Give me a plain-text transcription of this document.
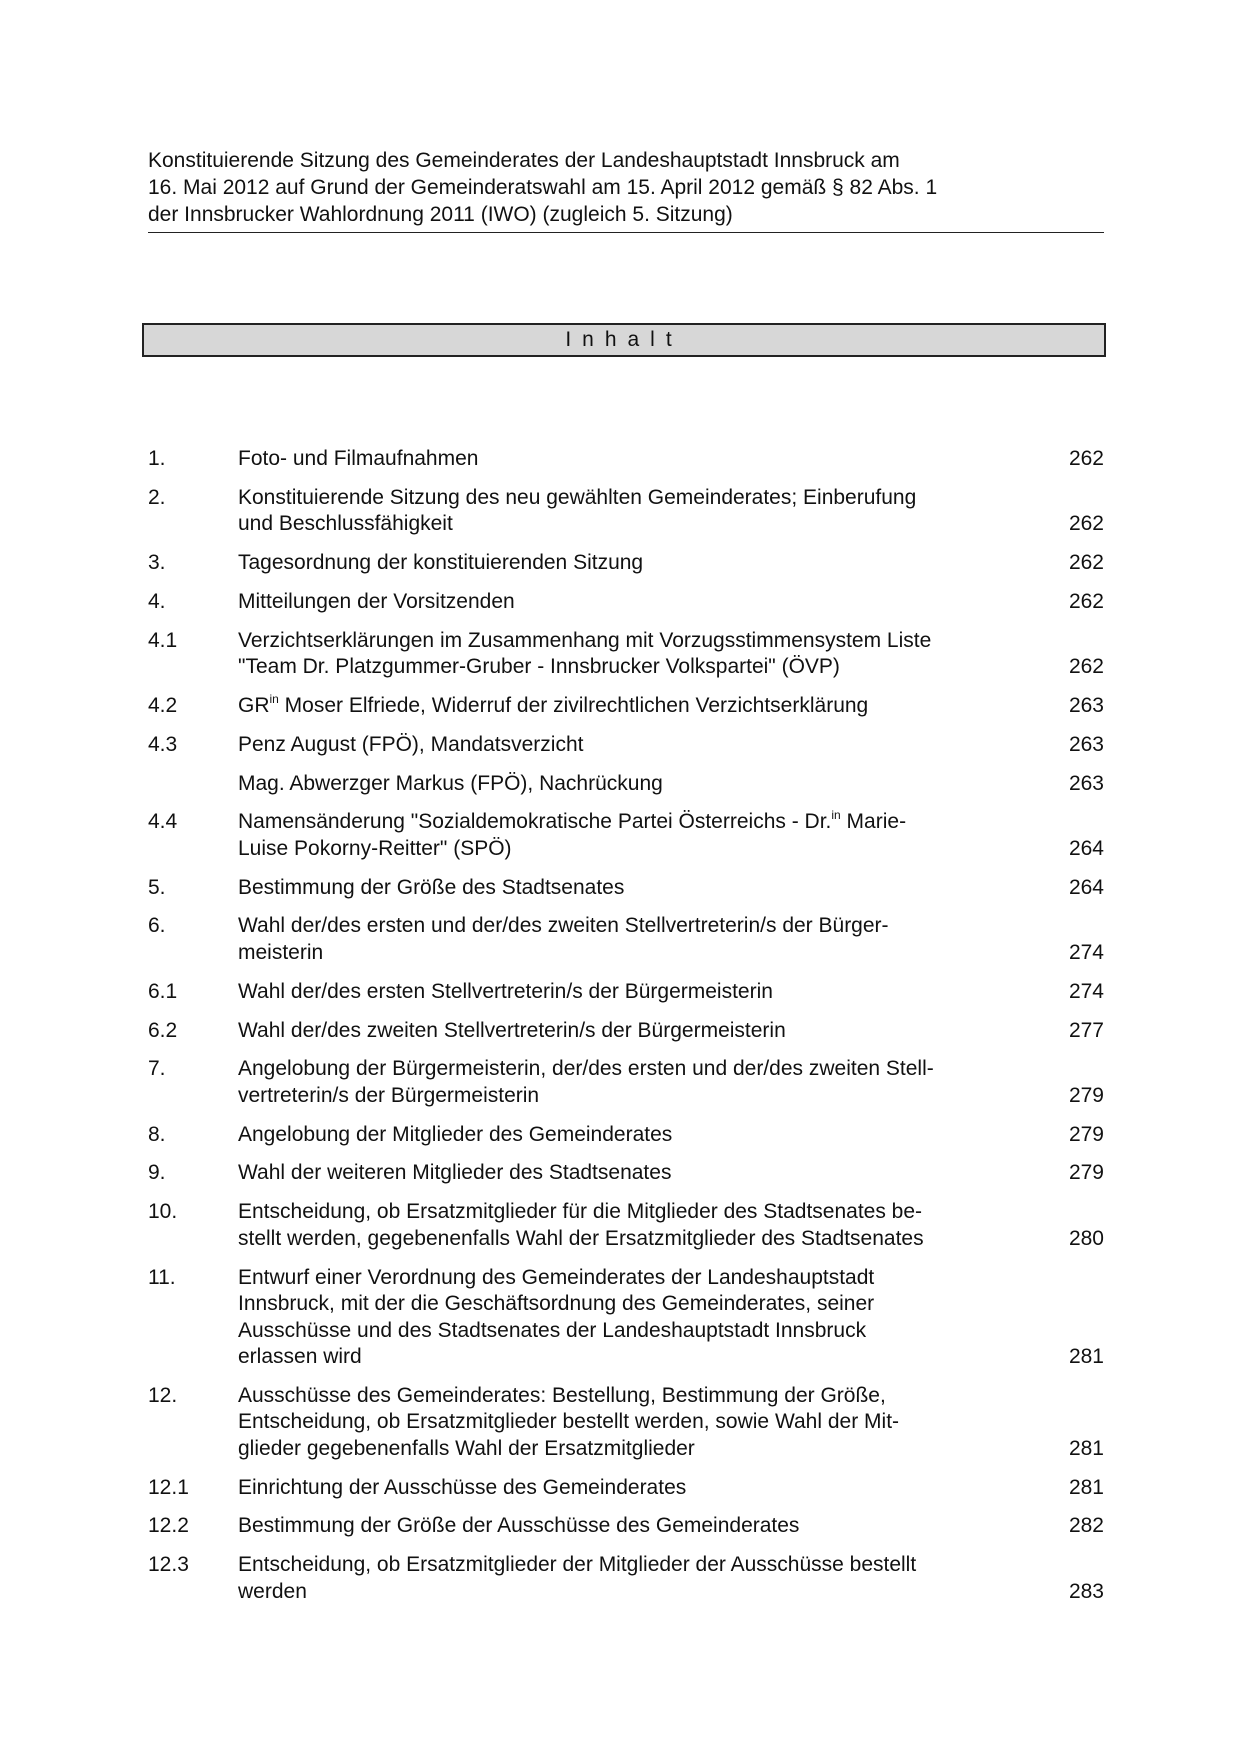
Konstituierende Sitzung des Gemeinderates der Landeshauptstadt Innsbruck am
16. Mai 2012 auf Grund der Gemeinderatswahl am 15. April 2012 gemäß § 82 Abs. 1
der Innsbrucker Wahlordnung 2011 (IWO) (zugleich 5. Sitzung)
Inhalt
1.	Foto- und Filmaufnahmen	262
2.	Konstituierende Sitzung des neu gewählten Gemeinderates; Einberufung
und Beschlussfähigkeit	262
3.	Tagesordnung der konstituierenden Sitzung	262
4.	Mitteilungen der Vorsitzenden	262
4.1	Verzichtserklärungen im Zusammenhang mit Vorzugsstimmensystem Liste
"Team Dr. Platzgummer-Gruber - Innsbrucker Volkspartei" (ÖVP)	262
4.2	$GR^{in}$ Moser Elfriede, Widerruf der zivilrechtlichen Verzichtserklärung	263
4.3	Penz August (FPÖ), Mandatsverzicht	263
Mag. Abwerzger Markus (FPÖ), Nachrückung	263
4.4	Namensänderung "Sozialdemokratische Partei Österreichs - Dr.$^{in}$ Marie-
Luise Pokorny-Reitter" (SPÖ)	264
5.	Bestimmung der Größe des Stadtsenates	264
6.	Wahl der/des ersten und der/des zweiten Stellvertreterin/s der Bürger-
meisterin	274
6.1	Wahl der/des ersten Stellvertreterin/s der Bürgermeisterin	274
6.2	Wahl der/des zweiten Stellvertreterin/s der Bürgermeisterin	277
7.	Angelobung der Bürgermeisterin, der/des ersten und der/des zweiten Stell-
vertreterin/s der Bürgermeisterin	279
8.	Angelobung der Mitglieder des Gemeinderates	279
9.	Wahl der weiteren Mitglieder des Stadtsenates	279
10.	Entscheidung, ob Ersatzmitglieder für die Mitglieder des Stadtsenates be-
stellt werden, gegebenenfalls Wahl der Ersatzmitglieder des Stadtsenates	280
11.	Entwurf einer Verordnung des Gemeinderates der Landeshauptstadt
Innsbruck, mit der die Geschäftsordnung des Gemeinderates, seiner
Ausschüsse und des Stadtsenates der Landeshauptstadt Innsbruck
erlassen wird	281
12.	Ausschüsse des Gemeinderates: Bestellung, Bestimmung der Größe,
Entscheidung, ob Ersatzmitglieder bestellt werden, sowie Wahl der Mit-
glieder gegebenenfalls Wahl der Ersatzmitglieder	281
12.1	Einrichtung der Ausschüsse des Gemeinderates	281
12.2	Bestimmung der Größe der Ausschüsse des Gemeinderates	282
12.3	Entscheidung, ob Ersatzmitglieder der Mitglieder der Ausschüsse bestellt
werden	283
